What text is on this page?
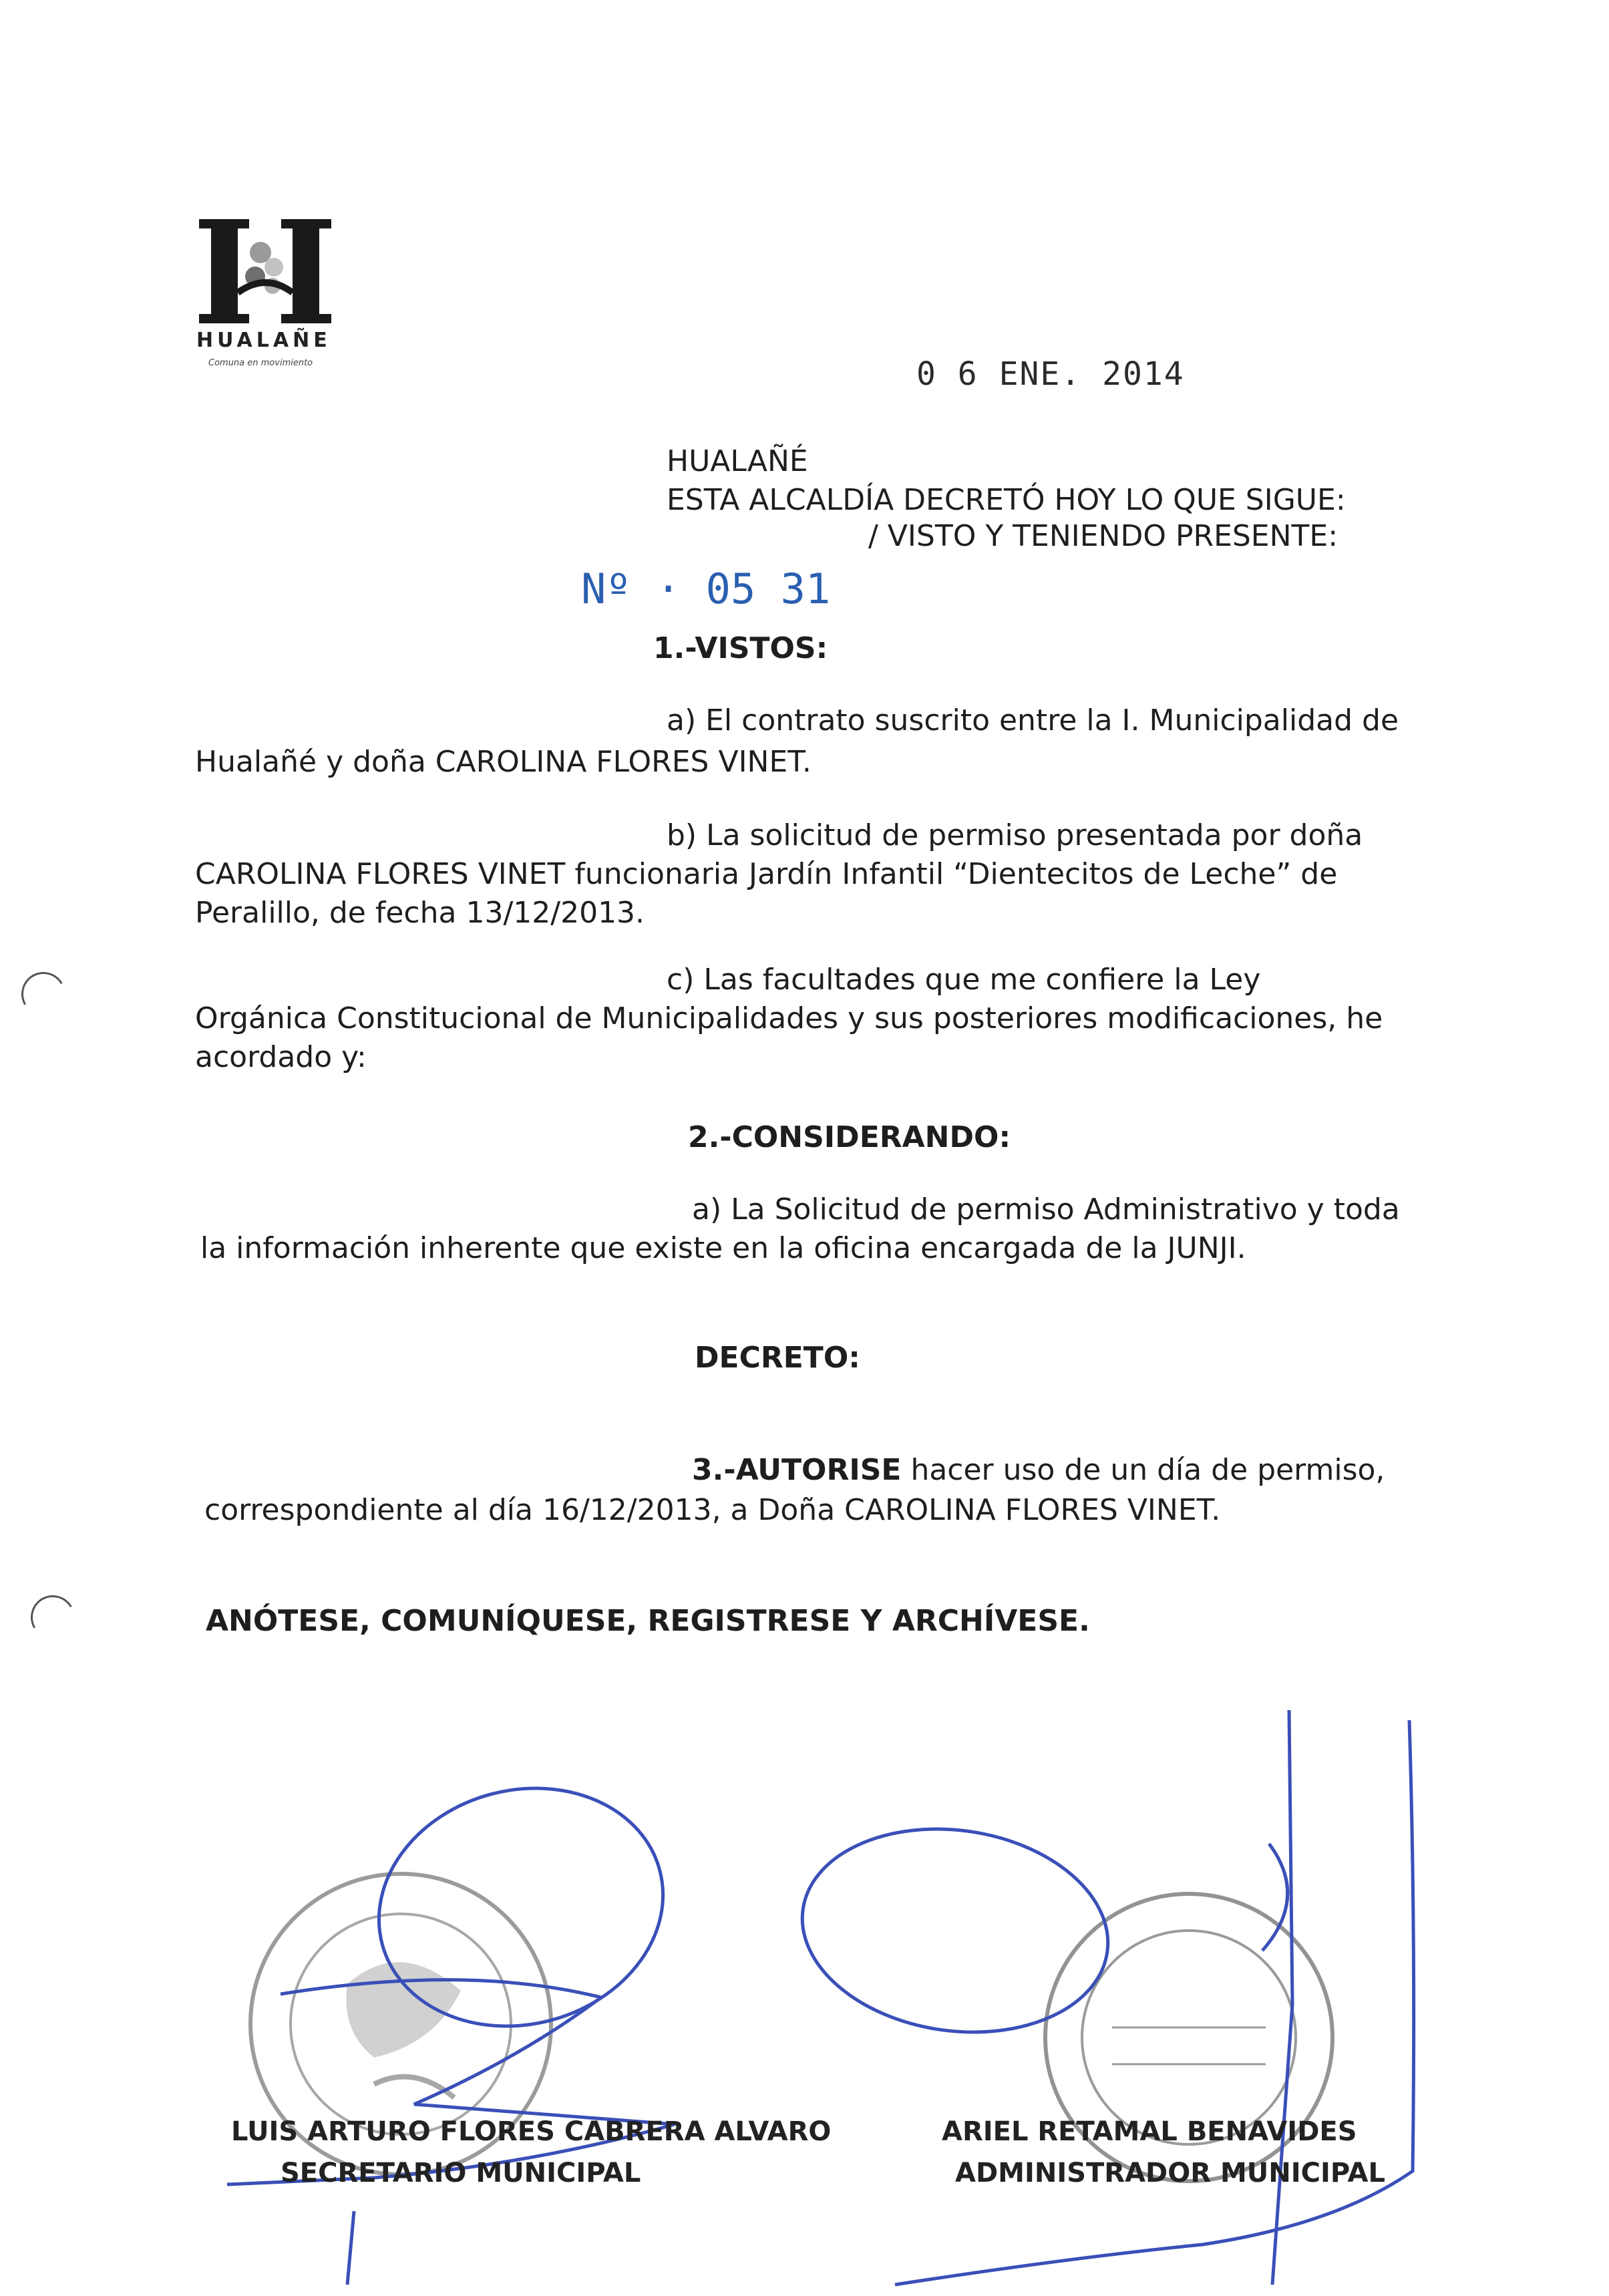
HUALAÑE
Comuna en movimiento	0 6 ENE. 2014
Nº · 05 31
HUALAÑÉ
ESTA ALCALDÍA DECRETÓ HOY LO QUE SIGUE:
/ VISTO Y TENIENDO PRESENTE:
1.-VISTOS:
a) El contrato suscrito entre la I. Municipalidad de
Hualañé y doña CAROLINA FLORES VINET.
b) La solicitud de permiso presentada por doña
CAROLINA FLORES VINET funcionaria Jardín Infantil “Dientecitos de Leche” de
Peralillo, de fecha 13/12/2013.
c) Las facultades que me confiere la Ley
Orgánica Constitucional de Municipalidades y sus posteriores modificaciones, he
acordado y:
2.-CONSIDERANDO:
a) La Solicitud de permiso Administrativo y toda
la información inherente que existe en la oficina encargada de la JUNJI.
DECRETO:
3.-AUTORISE hacer uso de un día de permiso,
correspondiente al día 16/12/2013, a Doña CAROLINA FLORES VINET.
ANÓTESE, COMUNÍQUESE, REGISTRESE Y ARCHÍVESE.
LUIS ARTURO FLORES CABRERA ALVARO
SECRETARIO MUNICIPAL
ARIEL RETAMAL BENAVIDES
ADMINISTRADOR MUNICIPAL
